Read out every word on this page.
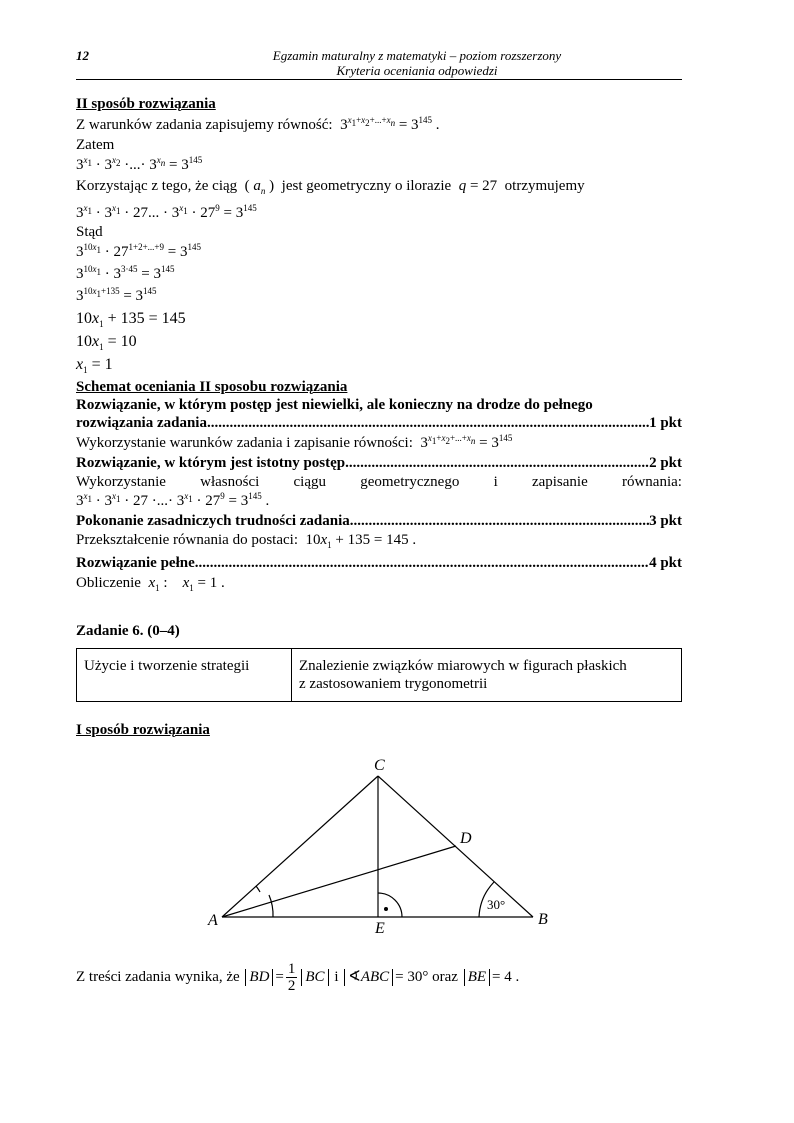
12	Egzamin maturalny z matematyki – poziom rozszerzony
Kryteria oceniania odpowiedzi
II sposób rozwiązania
Z warunków zadania zapisujemy równość:  $3^{x_1+x_2+...+x_n} = 3^{145}$ .
Zatem
$3^{x_1} \cdot 3^{x_2}$ ·...· $3^{x_n} = 3^{145}$
Korzystając z tego, że ciąg  ( $a_n$ )  jest geometryczny o ilorazie q = 27  otrzymujemy
$3^{x_1} \cdot 3^{x_1} \cdot 27$... · $3^{x_1} \cdot 27^9 = 3^{145}$
Stąd
$3^{10x_1} \cdot 27^{1+2+...+9} = 3^{145}$
$3^{10x_1} \cdot 3^{3\cdot 45} = 3^{145}$
$3^{10x_1+135} = 3^{145}$
$10x_1 + 135 = 145$
$10x_1 = 10$
$x_1 = 1$
Schemat oceniania II sposobu rozwiązania
Rozwiązanie, w którym postęp jest niewielki, ale konieczny na drodze do pełnego
rozwiązania zadania .....	1 pkt
Wykorzystanie warunków zadania i zapisanie równości:  $3^{x_1+x_2+...+x_n} = 3^{145}$
Rozwiązanie, w którym jest istotny postęp .....	2 pkt
Wykorzystanie własności ciągu geometrycznego i zapisanie równania:
$3^{x_1} \cdot 3^{x_1} \cdot 27$ ·...· $3^{x_1} \cdot 27^9 = 3^{145}$ .
Pokonanie zasadniczych trudności zadania .....	3 pkt
Przekształcenie równania do postaci:  $10x_1 + 135 = 145$ .
Rozwiązanie pełne .....	4 pkt
Obliczenie $x_1$ :    $x_1 = 1$ .
Zadanie 6. (0–4)
Użycie i tworzenie strategii	Znalezienie związków miarowych w figurach płaskich
z zastosowaniem trygonometrii
I sposób rozwiązania
C
D
A	B
E
30°
Z treści zadania wynika, że
BD = $\frac{1}{2}$ BC
i
∢ABC = 30° oraz
BE = 4 .
